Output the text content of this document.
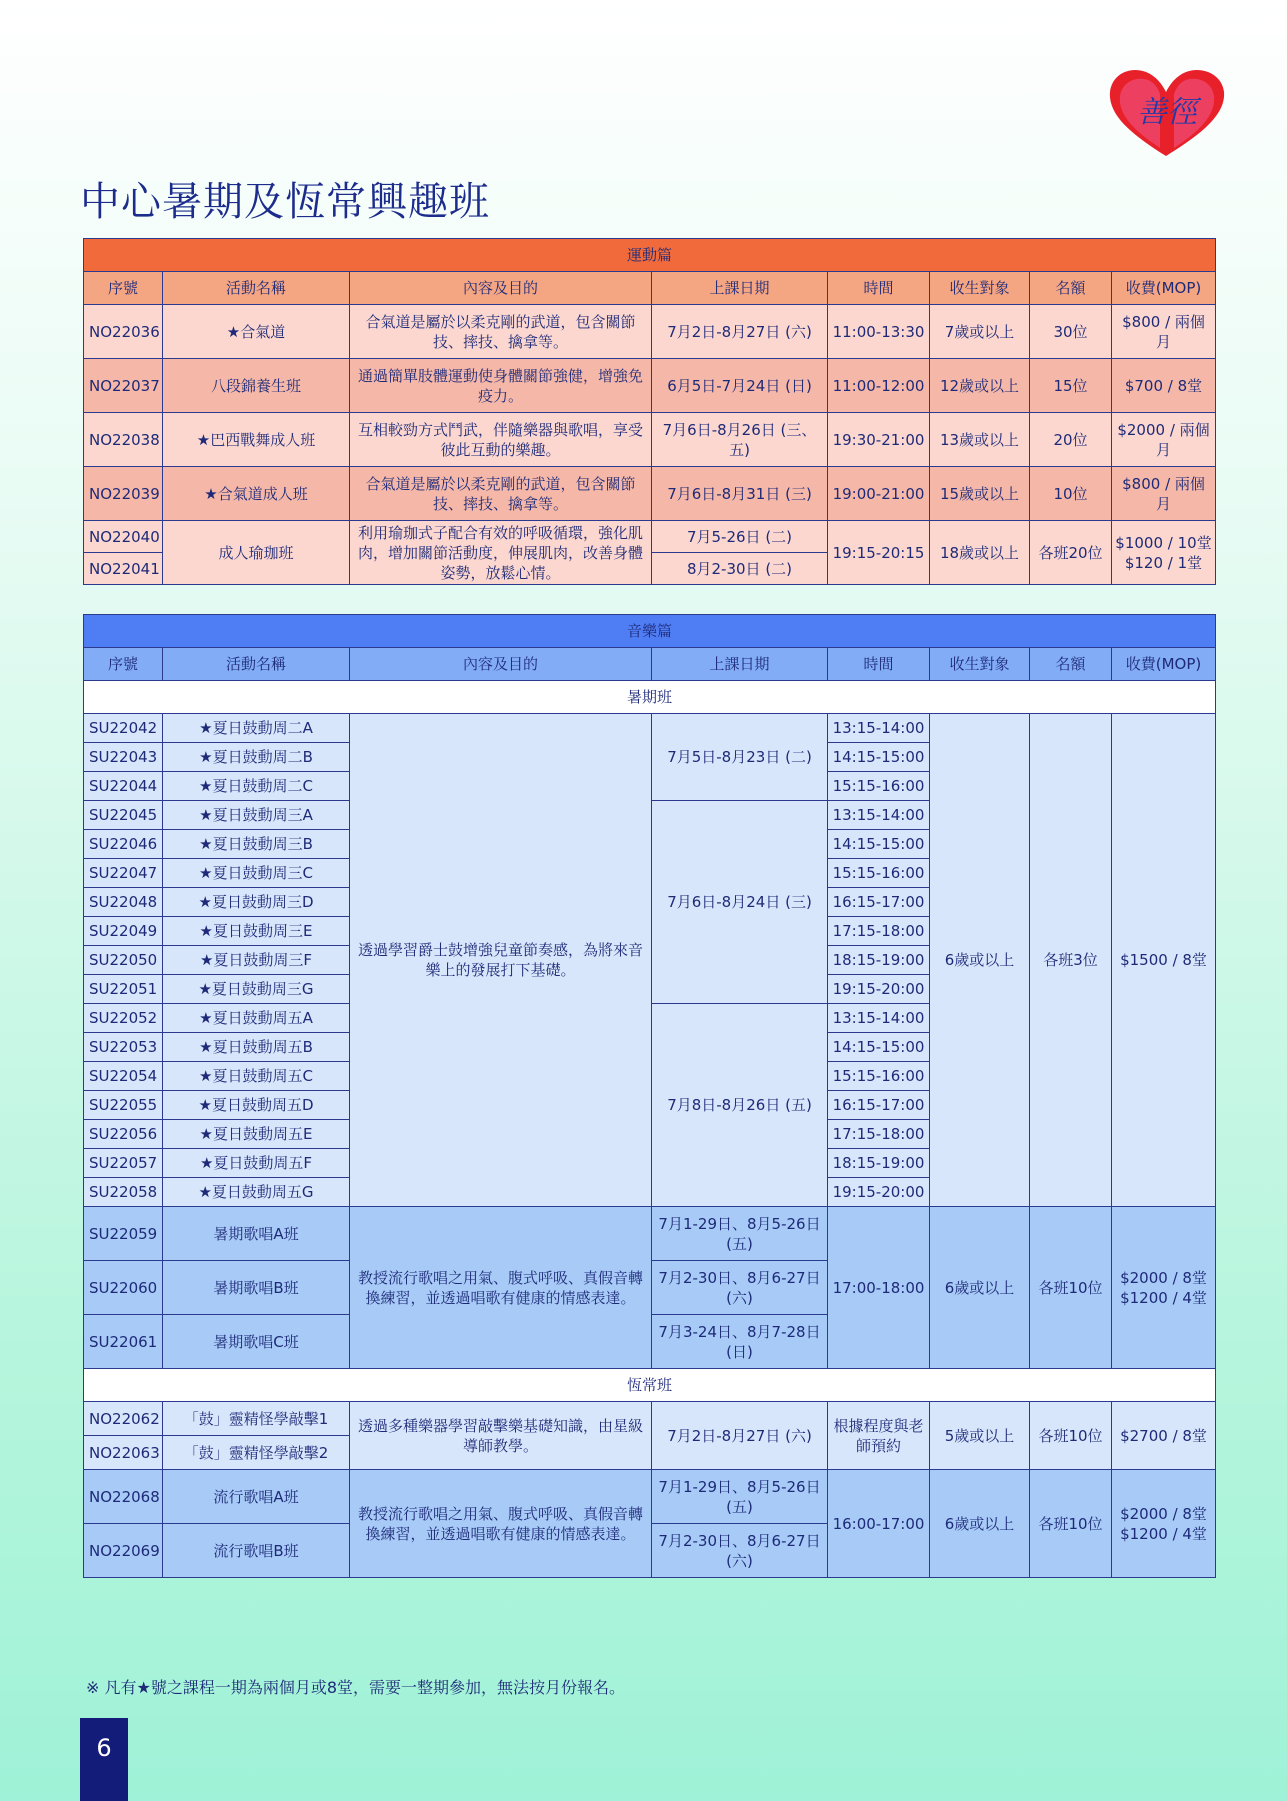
善徑
中心暑期及恆常興趣班
運動篇							
序號	活動名稱	內容及目的	上課日期	時間	收生對象	名額	收費(MOP)
NO22036	★合氣道	合氣道是屬於以柔克剛的武道，包含關節技、摔技、擒拿等。	7月2日-8月27日 (六)	11:00-13:30	7歲或以上	30位	$800 / 兩個月
NO22037	八段錦養生班	通過簡單肢體運動使身體關節強健，增強免疫力。	6月5日-7月24日 (日)	11:00-12:00	12歲或以上	15位	$700 / 8堂
NO22038	★巴西戰舞成人班	互相較勁方式鬥武，伴隨樂器與歌唱，享受彼此互動的樂趣。	7月6日-8月26日 (三、五)	19:30-21:00	13歲或以上	20位	$2000 / 兩個月
NO22039	★合氣道成人班	合氣道是屬於以柔克剛的武道，包含關節技、摔技、擒拿等。	7月6日-8月31日 (三)	19:00-21:00	15歲或以上	10位	$800 / 兩個月
NO22040	成人瑜珈班	利用瑜珈式子配合有效的呼吸循環，強化肌肉，增加關節活動度，伸展肌肉，改善身體姿勢，放鬆心情。	7月5-26日 (二)	19:15-20:15	18歲或以上	各班20位	$1000 / 10堂 $120 / 1堂
NO22041			8月2-30日 (二)				
音樂篇							
序號	活動名稱	內容及目的	上課日期	時間	收生對象	名額	收費(MOP)
暑期班							
SU22042	★夏日鼓動周二A	透過學習爵士鼓增強兒童節奏感，為將來音樂上的發展打下基礎。	7月5日-8月23日 (二)	13:15-14:00	6歲或以上	各班3位	$1500 / 8堂
SU22043	★夏日鼓動周二B			14:15-15:00			
SU22044	★夏日鼓動周二C			15:15-16:00			
SU22045	★夏日鼓動周三A		7月6日-8月24日 (三)	13:15-14:00			
SU22046	★夏日鼓動周三B			14:15-15:00			
SU22047	★夏日鼓動周三C			15:15-16:00			
SU22048	★夏日鼓動周三D			16:15-17:00			
SU22049	★夏日鼓動周三E			17:15-18:00			
SU22050	★夏日鼓動周三F			18:15-19:00			
SU22051	★夏日鼓動周三G			19:15-20:00			
SU22052	★夏日鼓動周五A		7月8日-8月26日 (五)	13:15-14:00			
SU22053	★夏日鼓動周五B			14:15-15:00			
SU22054	★夏日鼓動周五C			15:15-16:00			
SU22055	★夏日鼓動周五D			16:15-17:00			
SU22056	★夏日鼓動周五E			17:15-18:00			
SU22057	★夏日鼓動周五F			18:15-19:00			
SU22058	★夏日鼓動周五G			19:15-20:00			
SU22059	暑期歌唱A班	教授流行歌唱之用氣、腹式呼吸、真假音轉換練習，並透過唱歌有健康的情感表達。	7月1-29日、8月5-26日 (五)	17:00-18:00	6歲或以上	各班10位	$2000 / 8堂 $1200 / 4堂
SU22060	暑期歌唱B班		7月2-30日、8月6-27日 (六)				
SU22061	暑期歌唱C班		7月3-24日、8月7-28日 (日)				
恆常班							
NO22062	「鼓」靈精怪學敲擊1	透過多種樂器學習敲擊樂基礎知識，由星級導師教學。	7月2日-8月27日 (六)	根據程度與老師預約	5歲或以上	各班10位	$2700 / 8堂
NO22063	「鼓」靈精怪學敲擊2						
NO22068	流行歌唱A班	教授流行歌唱之用氣、腹式呼吸、真假音轉換練習，並透過唱歌有健康的情感表達。	7月1-29日、8月5-26日 (五)	16:00-17:00	6歲或以上	各班10位	$2000 / 8堂 $1200 / 4堂
NO22069	流行歌唱B班		7月2-30日、8月6-27日 (六)				

※ 凡有★號之課程一期為兩個月或8堂，需要一整期參加，無法按月份報名。

6
